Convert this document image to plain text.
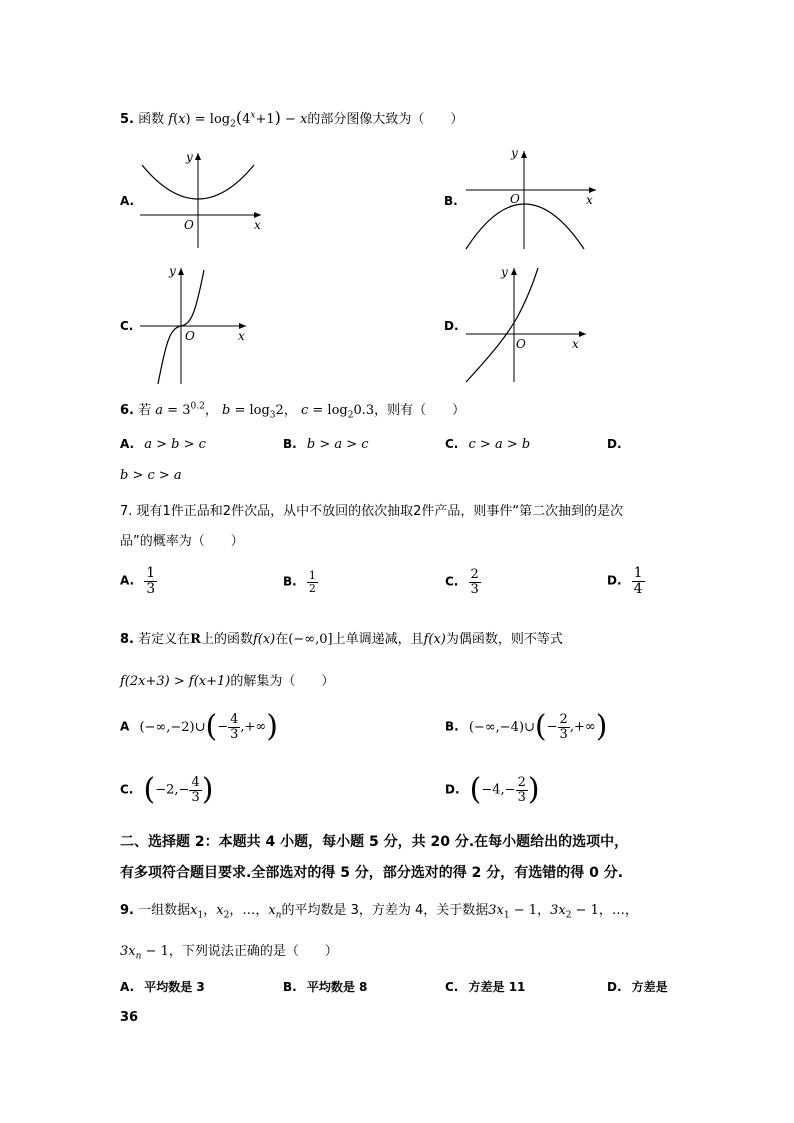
5. 函数 $f(x) = \log_2(4^x+1) - x$的部分图像大致为（　　）
A.	B.
C.	D.
y
x
O
y
x
O
y
x
O
y
x
O
6. 若 $a = 3^{0.2}$， $b = \log_32$， $c = \log_20.3$，则有（　　）
A. a > b > c	B. b > a > c	C. c > a > b	D.
b > c > a
7. 现有1件正品和2件次品，从中不放回的依次抽取2件产品，则事件“第二次抽到的是次
品”的概率为（　　）
A. $\frac{1}{3}$	B. $\frac{1}{2}$	C. $\frac{2}{3}$	D. $\frac{1}{4}$
8. 若定义在R上的函数f(x)在(−∞,0]上单调递减，且f(x)为偶函数，则不等式
f(2x+3) > f(x+1)的解集为（　　）
A (−∞,−2)∪(− $\frac{4}{3}$ ,+∞)	B. (−∞,−4)∪(− $\frac{2}{3}$ ,+∞)
C. ($-2,- \frac{4}{3}$ )	D. ($-4,- \frac{2}{3}$ )
二、选择题 2：本题共 4 小题，每小题 5 分，共 20 分.在每小题给出的选项中，
有多项符合题目要求.全部选对的得 5 分，部分选对的得 2 分，有选错的得 0 分.
9. 一组数据$x_1$，$x_2$，…，$x_n$的平均数是 3，方差为 4，关于数据$3x_1 - 1$，$3x_2 - 1$，…，
$3x_n - 1$，下列说法正确的是（　　）
A. 平均数是 3	B. 平均数是 8	C. 方差是 11	D. 方差是
36
